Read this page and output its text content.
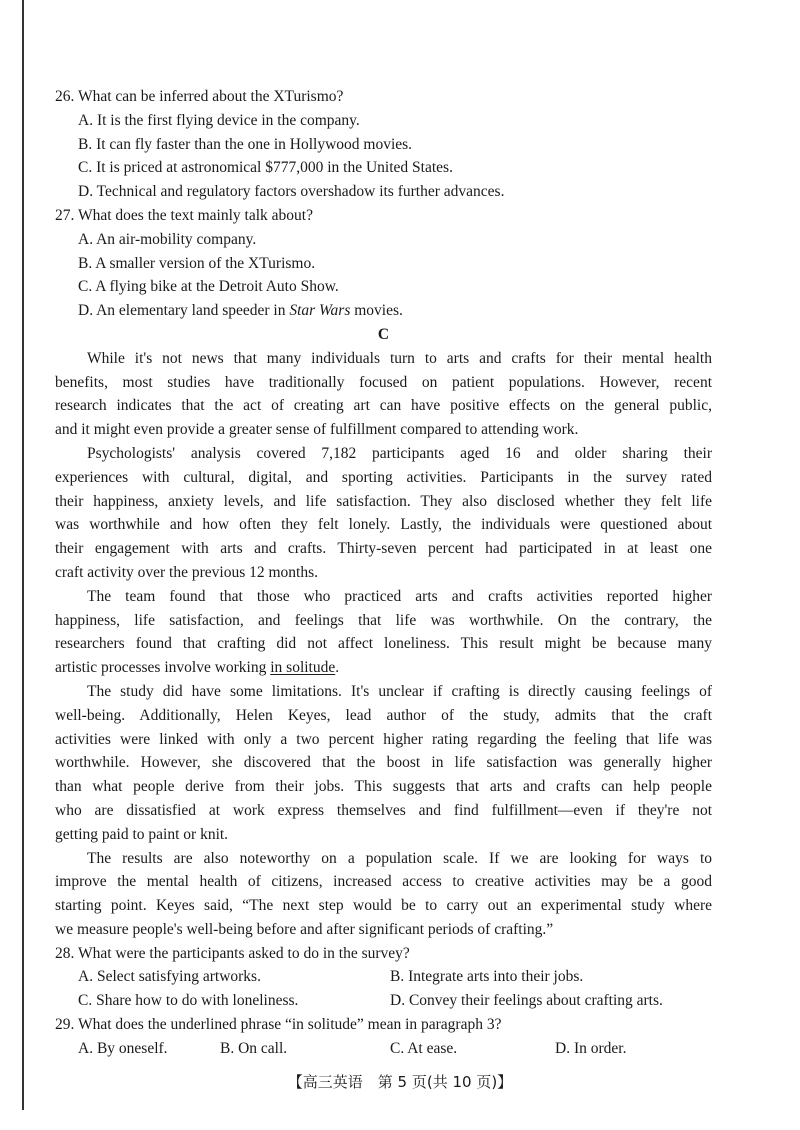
26. What can be inferred about the XTurismo?
A. It is the first flying device in the company.
B. It can fly faster than the one in Hollywood movies.
C. It is priced at astronomical $777,000 in the United States.
D. Technical and regulatory factors overshadow its further advances.
27. What does the text mainly talk about?
A. An air-mobility company.
B. A smaller version of the XTurismo.
C. A flying bike at the Detroit Auto Show.
D. An elementary land speeder in Star Wars movies.
C
While it's not news that many individuals turn to arts and crafts for their mental health
benefits, most studies have traditionally focused on patient populations. However, recent
research indicates that the act of creating art can have positive effects on the general public,
and it might even provide a greater sense of fulfillment compared to attending work.
Psychologists' analysis covered 7,182 participants aged 16 and older sharing their
experiences with cultural, digital, and sporting activities. Participants in the survey rated
their happiness, anxiety levels, and life satisfaction. They also disclosed whether they felt life
was worthwhile and how often they felt lonely. Lastly, the individuals were questioned about
their engagement with arts and crafts. Thirty-seven percent had participated in at least one
craft activity over the previous 12 months.
The team found that those who practiced arts and crafts activities reported higher
happiness, life satisfaction, and feelings that life was worthwhile. On the contrary, the
researchers found that crafting did not affect loneliness. This result might be because many
artistic processes involve working in solitude.
The study did have some limitations. It's unclear if crafting is directly causing feelings of
well-being. Additionally, Helen Keyes, lead author of the study, admits that the craft
activities were linked with only a two percent higher rating regarding the feeling that life was
worthwhile. However, she discovered that the boost in life satisfaction was generally higher
than what people derive from their jobs. This suggests that arts and crafts can help people
who are dissatisfied at work express themselves and find fulfillment—even if they're not
getting paid to paint or knit.
The results are also noteworthy on a population scale. If we are looking for ways to
improve the mental health of citizens, increased access to creative activities may be a good
starting point. Keyes said, “The next step would be to carry out an experimental study where
we measure people's well-being before and after significant periods of crafting.”
28. What were the participants asked to do in the survey?
A. Select satisfying artworks.	B. Integrate arts into their jobs.
C. Share how to do with loneliness.	D. Convey their feelings about crafting arts.
29. What does the underlined phrase “in solitude” mean in paragraph 3?
A. By oneself.	B. On call.	C. At ease.	D. In order.
【高三英语　第 5 页(共 10 页)】
